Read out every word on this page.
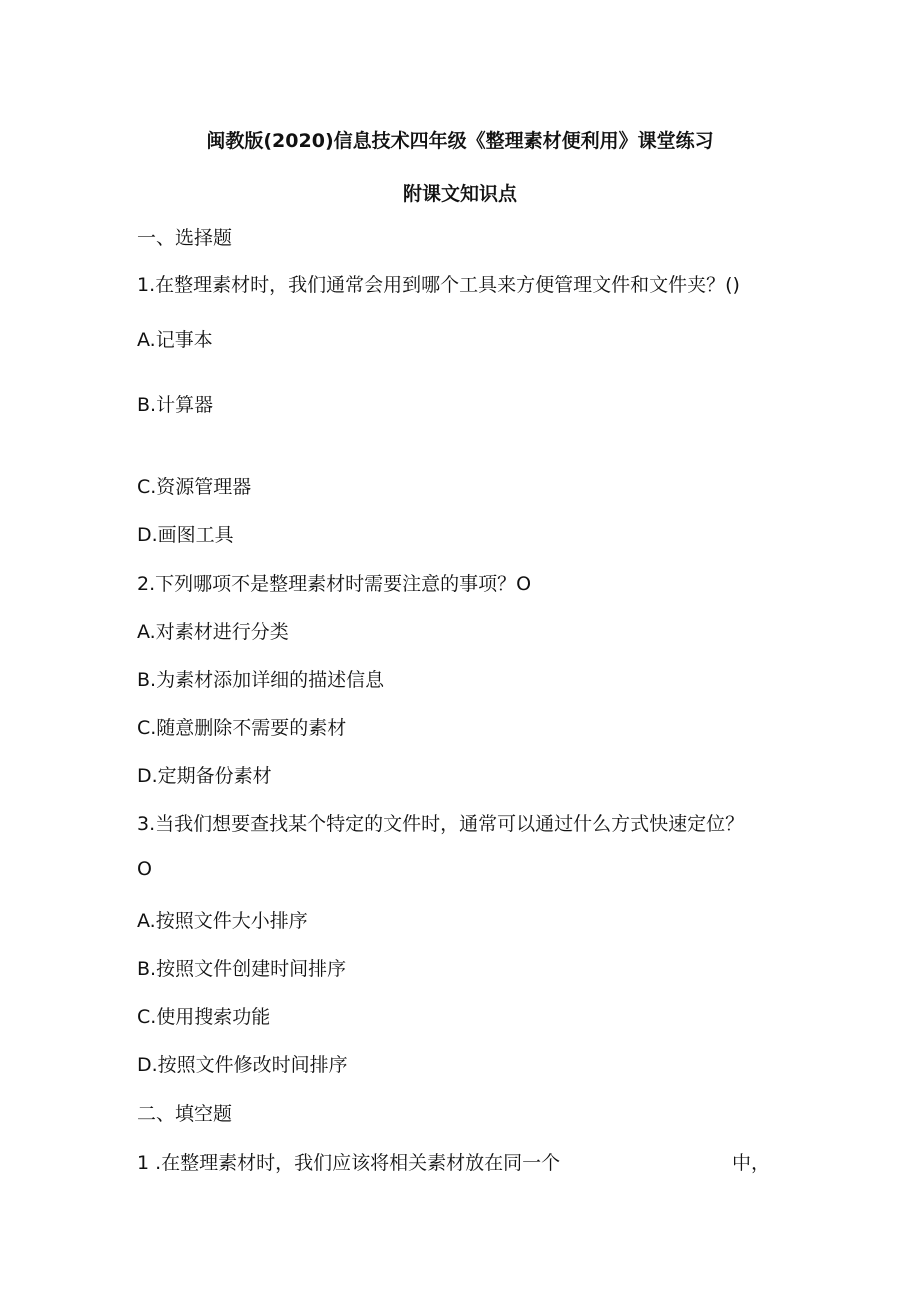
闽教版(2020)信息技术四年级《整理素材便利用》课堂练习
附课文知识点
一、选择题
1.在整理素材时，我们通常会用到哪个工具来方便管理文件和文件夹？()
A.记事本
B.计算器
C.资源管理器
D.画图工具
2.下列哪项不是整理素材时需要注意的事项？O
A.对素材进行分类
B.为素材添加详细的描述信息
C.随意删除不需要的素材
D.定期备份素材
3.当我们想要查找某个特定的文件时，通常可以通过什么方式快速定位？
O
A.按照文件大小排序
B.按照文件创建时间排序
C.使用搜索功能
D.按照文件修改时间排序
二、填空题
1 .在整理素材时，我们应该将相关素材放在同一个	中，
